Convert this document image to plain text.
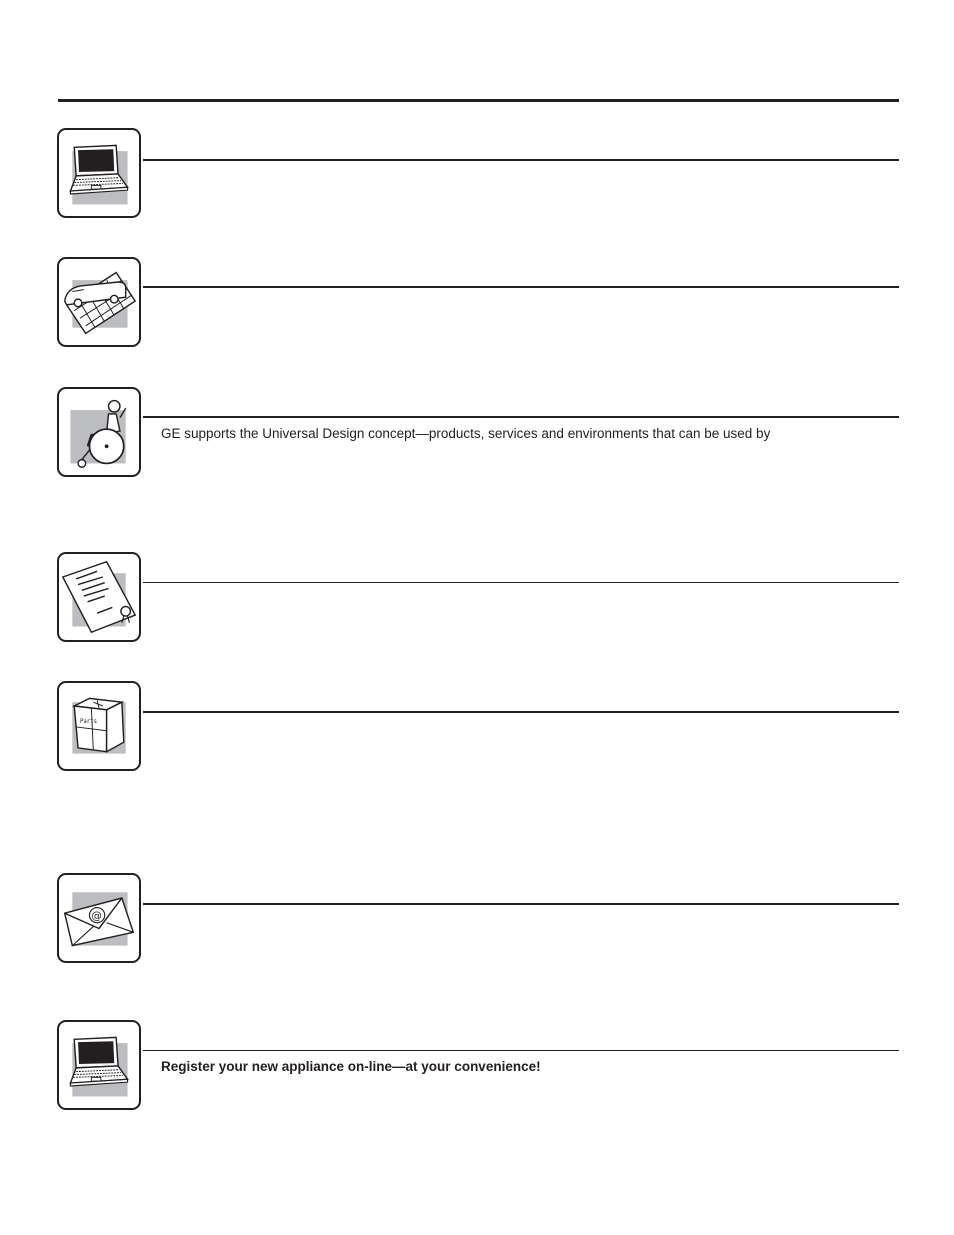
GE supports the Universal Design concept—products, services and environments that can be used by
Parts
@
Register your new appliance on-line—at your convenience!
